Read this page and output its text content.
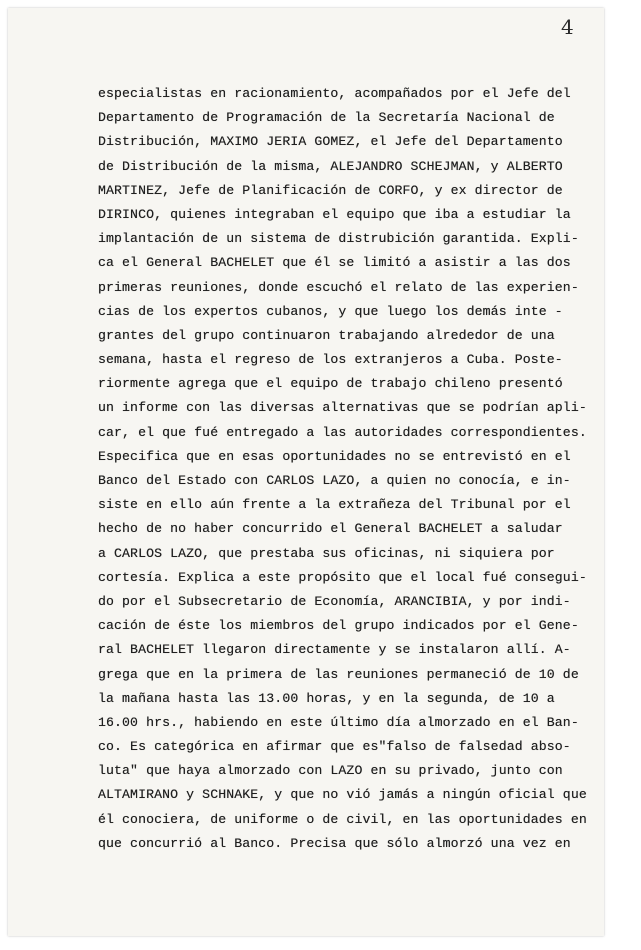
4
especialistas en racionamiento, acompañados por el Jefe del
Departamento de Programación de la Secretaría Nacional de
Distribución, MAXIMO JERIA GOMEZ, el Jefe del Departamento
de Distribución de la misma, ALEJANDRO SCHEJMAN, y ALBERTO
MARTINEZ, Jefe de Planificación de CORFO, y ex director de
DIRINCO, quienes integraban el equipo que iba a estudiar la
implantación de un sistema de distrubición garantida. Expli-
ca el General BACHELET que él se limitó a asistir a las dos
primeras reuniones, donde escuchó el relato de las experien-
cias de los expertos cubanos, y que luego los demás inte -
grantes del grupo continuaron trabajando alrededor de una
semana, hasta el regreso de los extranjeros a Cuba. Poste-
riormente agrega que el equipo de trabajo chileno presentó
un informe con las diversas alternativas que se podrían apli-
car, el que fué entregado a las autoridades correspondientes.
Especifica que en esas oportunidades no se entrevistó en el
Banco del Estado con CARLOS LAZO, a quien no conocía, e in-
siste en ello aún frente a la extrañeza del Tribunal por el
hecho de no haber concurrido el General BACHELET a saludar
a CARLOS LAZO, que prestaba sus oficinas, ni siquiera por
cortesía. Explica a este propósito que el local fué consegui-
do por el Subsecretario de Economía, ARANCIBIA, y por indi-
cación de éste los miembros del grupo indicados por el Gene-
ral BACHELET llegaron directamente y se instalaron allí. A-
grega que en la primera de las reuniones permaneció de 10 de
la mañana hasta las 13.00 horas, y en la segunda, de 10 a
16.00 hrs., habiendo en este último día almorzado en el Ban-
co. Es categórica en afirmar que es"falso de falsedad abso-
luta" que haya almorzado con LAZO en su privado, junto con
ALTAMIRANO y SCHNAKE, y que no vió jamás a ningún oficial que
él conociera, de uniforme o de civil, en las oportunidades en
que concurrió al Banco. Precisa que sólo almorzó una vez en
